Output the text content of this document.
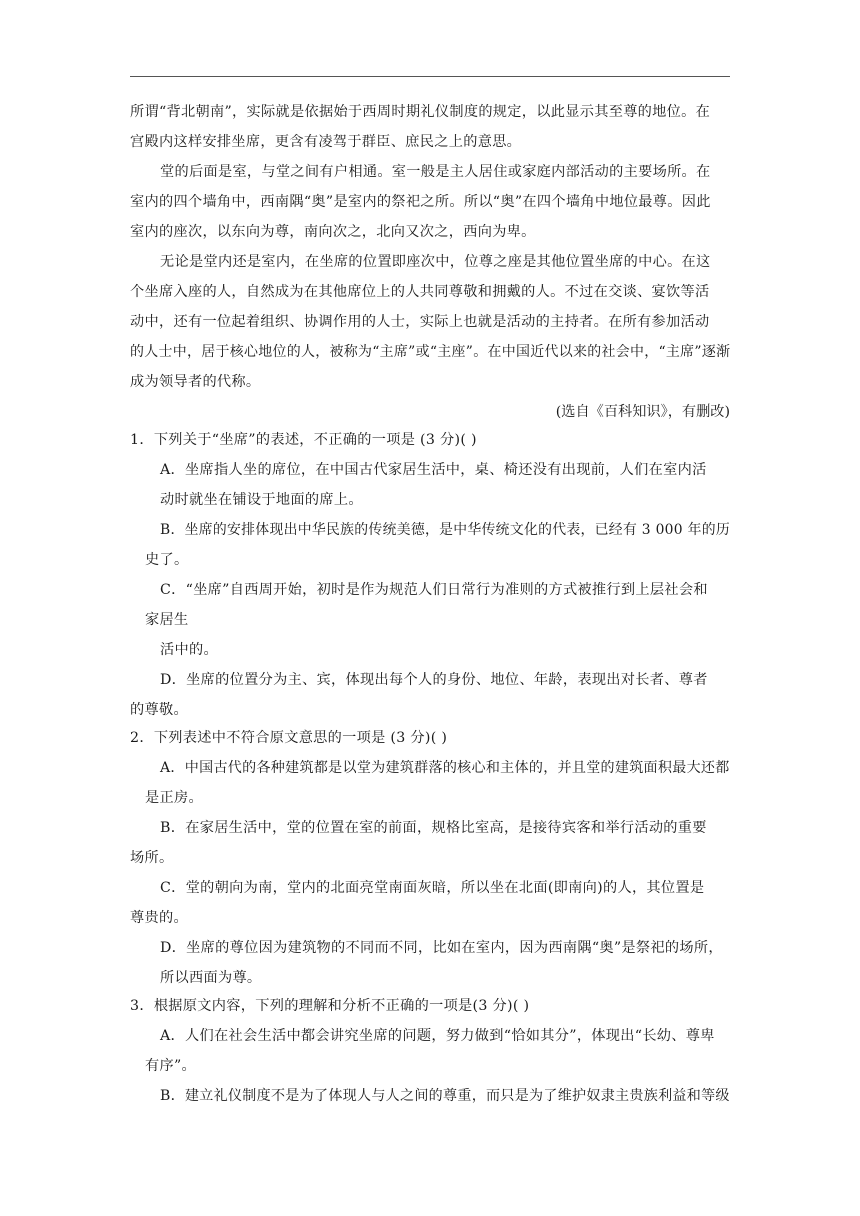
所谓“背北朝南”，实际就是依据始于西周时期礼仪制度的规定，以此显示其至尊的地位。在
宫殿内这样安排坐席，更含有凌驾于群臣、庶民之上的意思。
堂的后面是室，与堂之间有户相通。室一般是主人居住或家庭内部活动的主要场所。在
室内的四个墙角中，西南隅“奥”是室内的祭祀之所。所以“奥”在四个墙角中地位最尊。因此
室内的座次，以东向为尊，南向次之，北向又次之，西向为卑。
无论是堂内还是室内，在坐席的位置即座次中，位尊之座是其他位置坐席的中心。在这
个坐席入座的人，自然成为在其他席位上的人共同尊敬和拥戴的人。不过在交谈、宴饮等活
动中，还有一位起着组织、协调作用的人士，实际上也就是活动的主持者。在所有参加活动
的人士中，居于核心地位的人，被称为“主席”或“主座”。在中国近代以来的社会中，“主席”逐渐
成为领导者的代称。
(选自《百科知识》，有删改)
1．下列关于“坐席”的表述，不正确的一项是 (3 分)( )
A．坐席指人坐的席位，在中国古代家居生活中，桌、椅还没有出现前，人们在室内活
动时就坐在铺设于地面的席上。
B．坐席的安排体现出中华民族的传统美德，是中华传统文化的代表，已经有 3 000 年的历
史了。
C．“坐席”自西周开始，初时是作为规范人们日常行为准则的方式被推行到上层社会和
家居生
活中的。
D．坐席的位置分为主、宾，体现出每个人的身份、地位、年龄，表现出对长者、尊者
的尊敬。
2．下列表述中不符合原文意思的一项是 (3 分)( )
A．中国古代的各种建筑都是以堂为建筑群落的核心和主体的，并且堂的建筑面积最大还都
是正房。
B．在家居生活中，堂的位置在室的前面，规格比室高，是接待宾客和举行活动的重要
场所。
C．堂的朝向为南，堂内的北面亮堂南面灰暗，所以坐在北面(即南向)的人，其位置是
尊贵的。
D．坐席的尊位因为建筑物的不同而不同，比如在室内，因为西南隅“奥”是祭祀的场所，
所以西面为尊。
3．根据原文内容，下列的理解和分析不正确的一项是(3 分)( )
A．人们在社会生活中都会讲究坐席的问题，努力做到“恰如其分”，体现出“长幼、尊卑
有序”。
B．建立礼仪制度不是为了体现人与人之间的尊重，而只是为了维护奴隶主贵族利益和等级
